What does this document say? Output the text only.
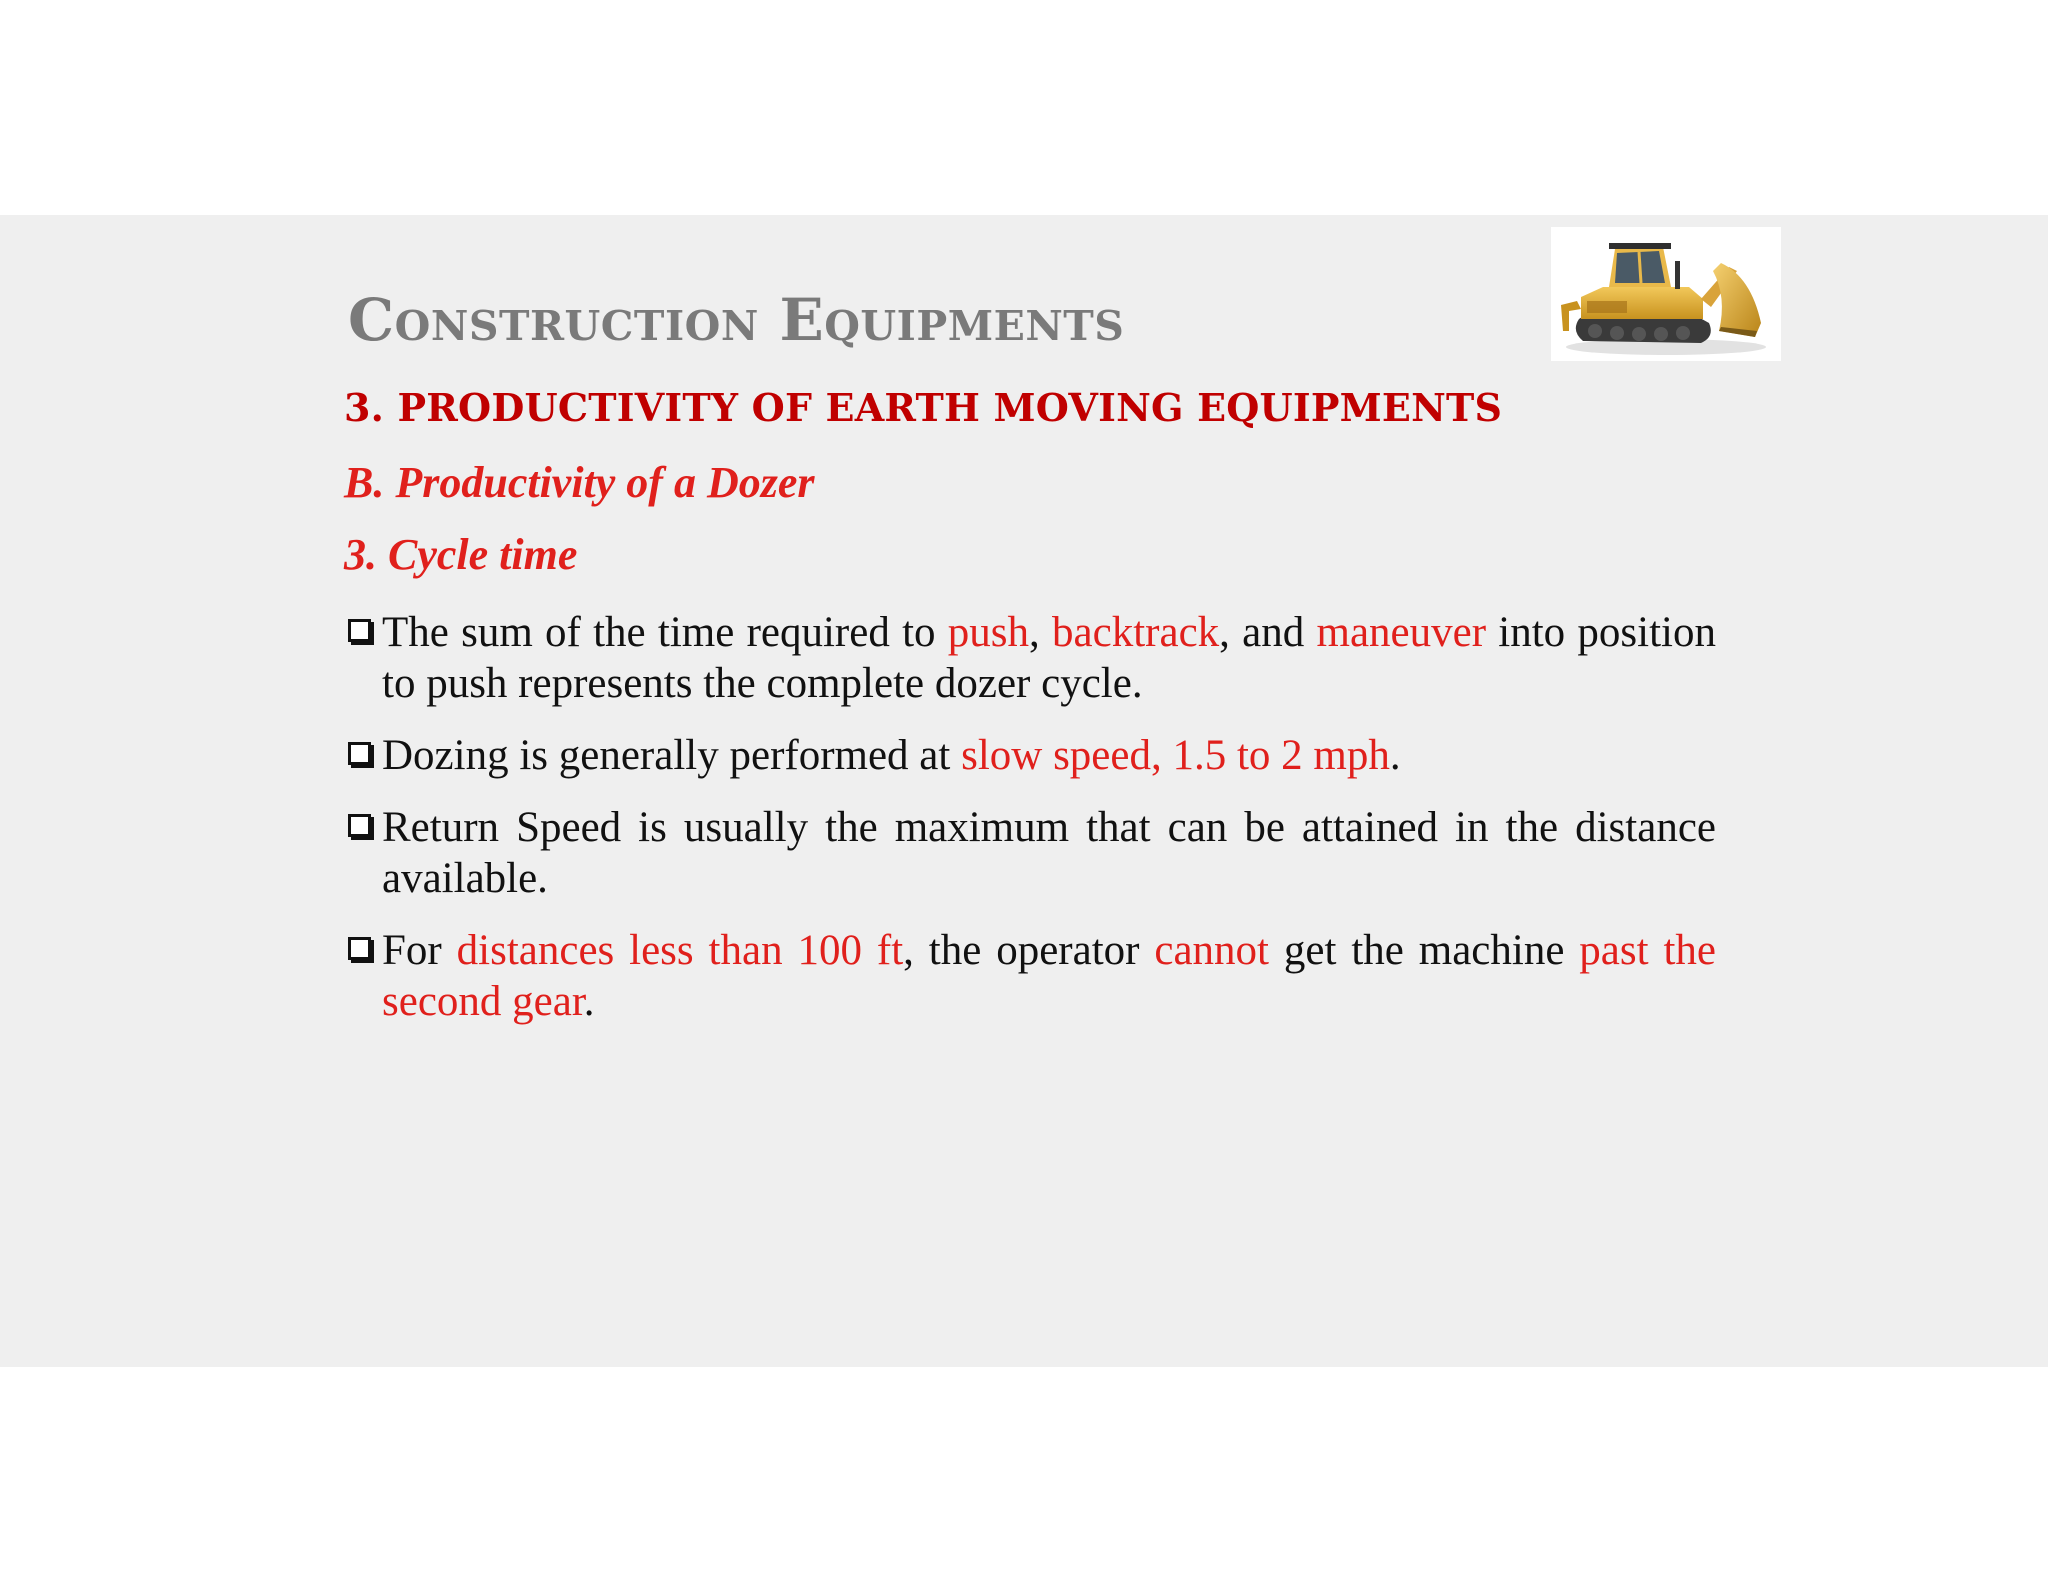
Construction Equipments
3. PRODUCTIVITY OF EARTH MOVING EQUIPMENTS
B. Productivity of a Dozer
3. Cycle time
The sum of the time required to push, backtrack, and maneuver into position to push represents the complete dozer cycle.
Dozing is generally performed at slow speed, 1.5 to 2 mph.
Return Speed is usually the maximum that can be attained in the distance available.
For distances less than 100 ft, the operator cannot get the machine past the second gear.
